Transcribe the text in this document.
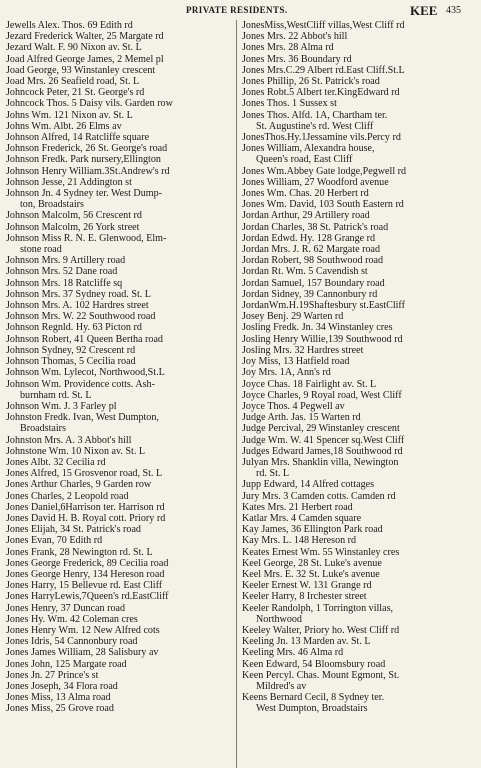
PRIVATE RESIDENTS.	KEE 435
Jewells Alex. Thos. 69 Edith rd
Jezard Frederick Walter, 25 Margate rd
Jezard Walt. F. 90 Nixon av. St. L
Joad Alfred George James, 2 Memel pl
Joad George, 93 Winstanley crescent
Joad Mrs. 26 Seafield road, St. L
Johncock Peter, 21 St. George's rd
Johncock Thos. 5 Daisy vils. Garden row
Johns Wm. 121 Nixon av. St. L
Johns Wm. Albt. 26 Elms av
Johnson Alfred, 14 Ratcliffe square
Johnson Frederick, 26 St. George's road
Johnson Fredk. Park nursery,Ellington
Johnson Henry William.3St.Andrew's rd
Johnson Jesse, 21 Addington st
Johnson Jn. 4 Sydney ter. West Dump-
ton, Broadstairs
Johnson Malcolm, 56 Crescent rd
Johnson Malcolm, 26 York street
Johnson Miss R. N. E. Glenwood, Elm-
stone road
Johnson Mrs. 9 Artillery road
Johnson Mrs. 52 Dane road
Johnson Mrs. 18 Ratcliffe sq
Johnson Mrs. 37 Sydney road. St. L
Johnson Mrs. A. 102 Hardres street
Johnson Mrs. W. 22 Southwood road
Johnson Regnld. Hy. 63 Picton rd
Johnson Robert, 41 Queen Bertha road
Johnson Sydney, 92 Crescent rd
Johnson Thomas, 5 Cecilia road
Johnson Wm. Lylecot, Northwood,St.L
Johnson Wm. Providence cotts. Ash-
burnham rd. St. L
Johnson Wm. J. 3 Farley pl
Johnston Fredk. Ivan, West Dumpton,
Broadstairs
Johnston Mrs. A. 3 Abbot's hill
Johnstone Wm. 10 Nixon av. St. L
Jones Albt. 32 Cecilia rd
Jones Alfred, 15 Grosvenor road, St. L
Jones Arthur Charles, 9 Garden row
Jones Charles, 2 Leopold road
Jones Daniel,6Harrison ter. Harrison rd
Jones David H. B. Royal cott. Priory rd
Jones Elijah, 34 St. Patrick's road
Jones Evan, 70 Edith rd
Jones Frank, 28 Newington rd. St. L
Jones George Frederick, 89 Cecilia road
Jones George Henry, 134 Hereson road
Jones Harry, 15 Bellevue rd. East Cliff
Jones HarryLewis,7Queen's rd.EastCliff
Jones Henry, 37 Duncan road
Jones Hy. Wm. 42 Coleman cres
Jones Henry Wm. 12 New Alfred cots
Jones Idris, 54 Cannonbury road
Jones James William, 28 Salisbury av
Jones John, 125 Margate road
Jones Jn. 27 Prince's st
Jones Joseph, 34 Flora road
Jones Miss, 13 Alma road
Jones Miss, 25 Grove road
JonesMiss,WestCliff villas,West Cliff rd
Jones Mrs. 22 Abbot's hill
Jones Mrs. 28 Alma rd
Jones Mrs. 36 Boundary rd
Jones Mrs.C.29 Albert rd.East Cliff.St.L
Jones Phillip, 26 St. Patrick's road
Jones Robt.5 Albert ter.KingEdward rd
Jones Thos. 1 Sussex st
Jones Thos. Alfd. 1A, Chartham ter.
St. Augustine's rd. West Cliff
JonesThos.Hy.1Jessamine vils.Percy rd
Jones William, Alexandra house,
Queen's road, East Cliff
Jones Wm.Abbey Gate lodge,Pegwell rd
Jones William, 27 Woodford avenue
Jones Wm. Chas. 20 Herbert rd
Jones Wm. David, 103 South Eastern rd
Jordan Arthur, 29 Artillery road
Jordan Charles, 38 St. Patrick's road
Jordan Edwd. Hy. 128 Grange rd
Jordan Mrs. J. R. 62 Margate road
Jordan Robert, 98 Southwood road
Jordan Rt. Wm. 5 Cavendish st
Jordan Samuel, 157 Boundary road
Jordan Sidney, 39 Cannonbury rd
JordanWm.H.19Shaftesbury st.EastCliff
Josey Benj. 29 Warten rd
Josling Fredk. Jn. 34 Winstanley cres
Josling Henry Willie,139 Southwood rd
Josling Mrs. 32 Hardres street
Joy Miss, 13 Hatfield road
Joy Mrs. 1A, Ann's rd
Joyce Chas. 18 Fairlight av. St. L
Joyce Charles, 9 Royal road, West Cliff
Joyce Thos. 4 Pegwell av
Judge Arth. Jas. 15 Warten rd
Judge Percival, 29 Winstanley crescent
Judge Wm. W. 41 Spencer sq.West Cliff
Judges Edward James,18 Southwood rd
Julyan Mrs. Shanklin villa, Newington
rd. St. L
Jupp Edward, 14 Alfred cottages
Jury Mrs. 3 Camden cotts. Camden rd
Kates Mrs. 21 Herbert road
Katlar Mrs. 4 Camden square
Kay James, 36 Ellington Park road
Kay Mrs. L. 148 Hereson rd
Keates Ernest Wm. 55 Winstanley cres
Keel George, 28 St. Luke's avenue
Keel Mrs. E. 32 St. Luke's avenue
Keeler Ernest W. 131 Grange rd
Keeler Harry, 8 Irchester street
Keeler Randolph, 1 Torrington villas,
Northwood
Keeley Walter, Priory ho. West Cliff rd
Keeling Jn. 13 Marden av. St. L
Keeling Mrs. 46 Alma rd
Keen Edward, 54 Bloomsbury road
Keen Percyl. Chas. Mount Egmont, St.
Mildred's av
Keens Bernard Cecil, 8 Sydney ter.
West Dumpton, Broadstairs
